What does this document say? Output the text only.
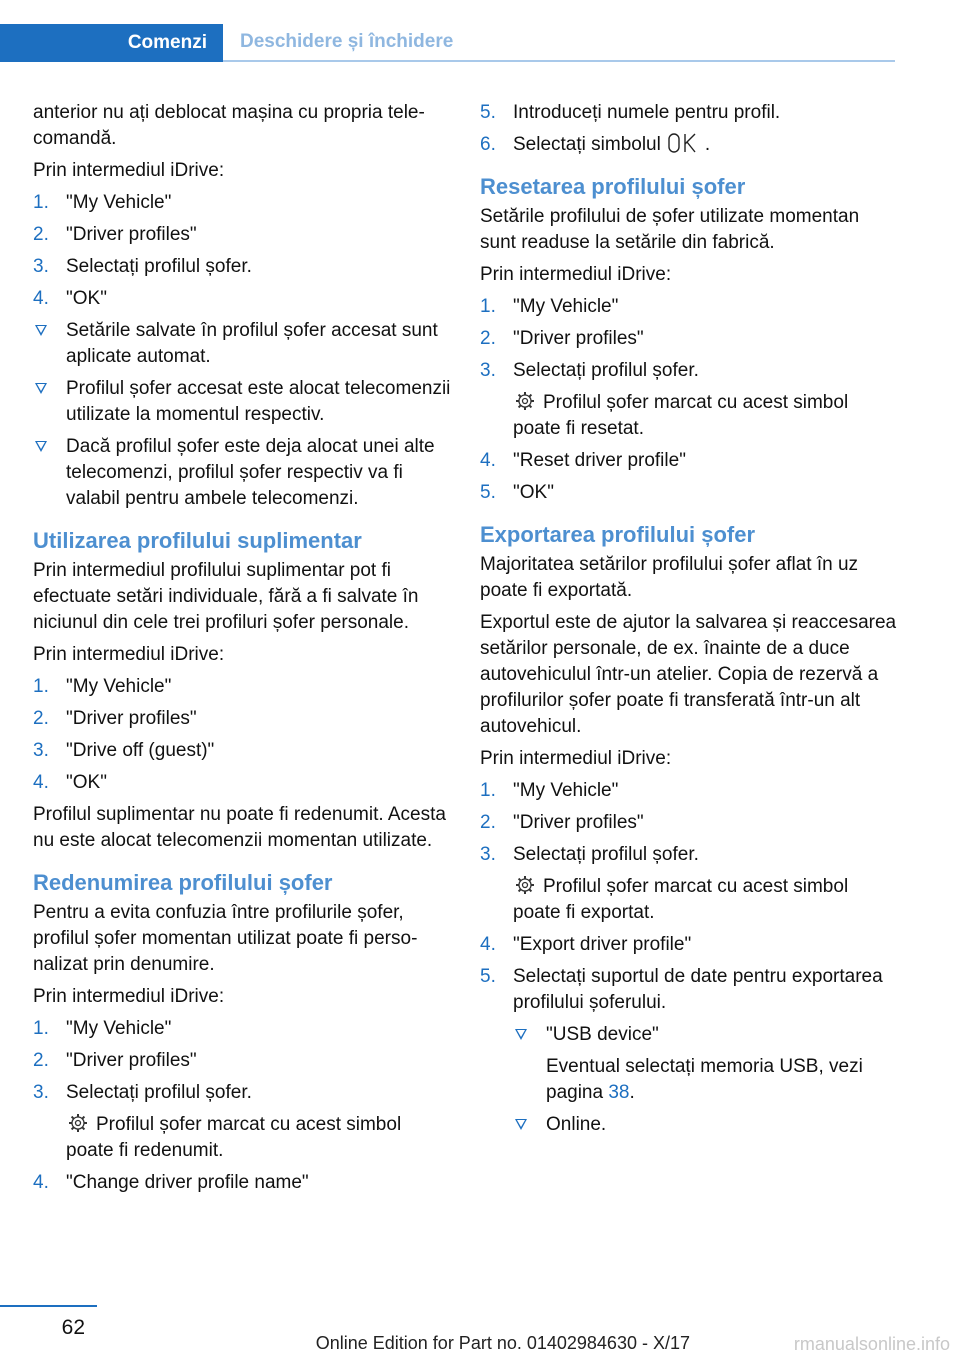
Comenzi Deschidere și închidere

anterior nu ați deblocat mașina cu propria telecomandă.

Prin intermediul iDrive:

1. "My Vehicle"
2. "Driver profiles"
3. Selectați profilul șofer.
4. "OK"
Setările salvate în profilul șofer accesat sunt aplicate automat.
Profilul șofer accesat este alocat telecomenzii utilizate la momentul respectiv.
Dacă profilul șofer este deja alocat unei alte telecomenzi, profilul șofer respectiv va fi valabil pentru ambele telecomenzi.
Utilizarea profilului suplimentar

Prin intermediul profilului suplimentar pot fi efectuate setări individuale, fără a fi salvate în niciunul din cele trei profiluri șofer personale.

Prin intermediul iDrive:

1. "My Vehicle"
2. "Driver profiles"
3. "Drive off (guest)"
4. "OK"

Profilul suplimentar nu poate fi redenumit. Acesta nu este alocat telecomenzii momentan utilizate.

Redenumirea profilului șofer

Pentru a evita confuzia între profilurile șofer, profilul șofer momentan utilizat poate fi personalizat prin denumire.

Prin intermediul iDrive:

1. "My Vehicle"
2. "Driver profiles"
3. Selectați profilul șofer.
Profilul șofer marcat cu acest simbol poate fi redenumit.
4. "Change driver profile name"
5. Introduceți numele pentru profil.
6. Selectați simbolul .
Resetarea profilului șofer

Setările profilului de șofer utilizate momentan sunt readuse la setările din fabrică.

Prin intermediul iDrive:

1. "My Vehicle"
2. "Driver profiles"
3. Selectați profilul șofer.
Profilul șofer marcat cu acest simbol poate fi resetat.
4. "Reset driver profile"
5. "OK"
Exportarea profilului șofer

Majoritatea setărilor profilului șofer aflat în uz poate fi exportată.

Exportul este de ajutor la salvarea și reaccesarea setărilor personale, de ex. înainte de a duce autovehiculul într-un atelier. Copia de rezervă a profilurilor șofer poate fi transferată într-un alt autovehicul.

Prin intermediul iDrive:

1. "My Vehicle"
2. "Driver profiles"
3. Selectați profilul șofer.
Profilul șofer marcat cu acest simbol poate fi exportat.
4. "Export driver profile"
5. Selectați suportul de date pentru exportarea profilului șoferului.
"USB device"
Eventual selectați memoria USB, vezi pagina 38.
Online.
62
Online Edition for Part no. 01402984630 - X/17	rmanualsonline.info
